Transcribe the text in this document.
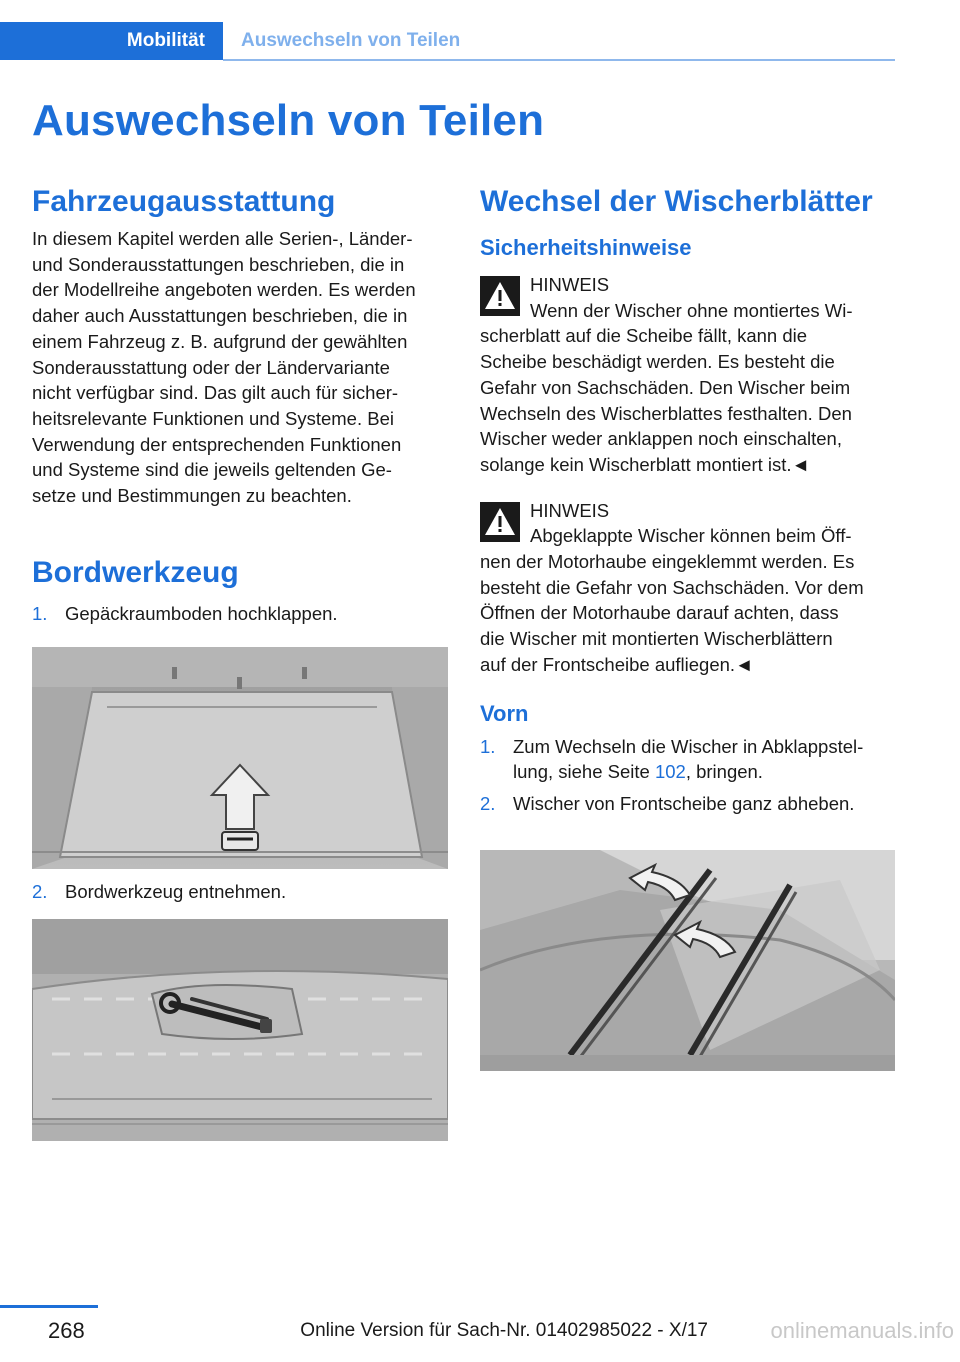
Mobilität Auswechseln von Teilen
Auswechseln von Teilen
Fahrzeugausstattung

In diesem Kapitel werden alle Serien-, Länder-

und Sonderausstattungen beschrieben, die in

der Modellreihe angeboten werden. Es werden

daher auch Ausstattungen beschrieben, die in

einem Fahrzeug z. B. aufgrund der gewählten

Sonderausstattung oder der Ländervariante

nicht verfügbar sind. Das gilt auch für sicher-

heitsrelevante Funktionen und Systeme. Bei

Verwendung der entsprechenden Funktionen

und Systeme sind die jeweils geltenden Ge-

setze und Bestimmungen zu beachten.

Bordwerkzeug
1. Gepäckraumboden hochklappen.
2. Bordwerkzeug entnehmen.
Wechsel der Wischerblätter
Sicherheitshinweise
HINWEIS
Wenn der Wischer ohne montiertes Wi-
scherblatt auf die Scheibe fällt, kann die
Scheibe beschädigt werden. Es besteht die
Gefahr von Sachschäden. Den Wischer beim
Wechseln des Wischerblattes festhalten. Den
Wischer weder anklappen noch einschalten,
solange kein Wischerblatt montiert ist.◄
HINWEIS
Abgeklappte Wischer können beim Öff-
nen der Motorhaube eingeklemmt werden. Es
besteht die Gefahr von Sachschäden. Vor dem
Öffnen der Motorhaube darauf achten, dass
die Wischer mit montierten Wischerblättern
auf der Frontscheibe aufliegen.◄
Vorn
1. Zum Wechseln die Wischer in Abklappstel-
lung, siehe Seite 102, bringen.
2. Wischer von Frontscheibe ganz abheben.
268	Online Version für Sach-Nr. 01402985022 - X/17	onlinemanuals.info
